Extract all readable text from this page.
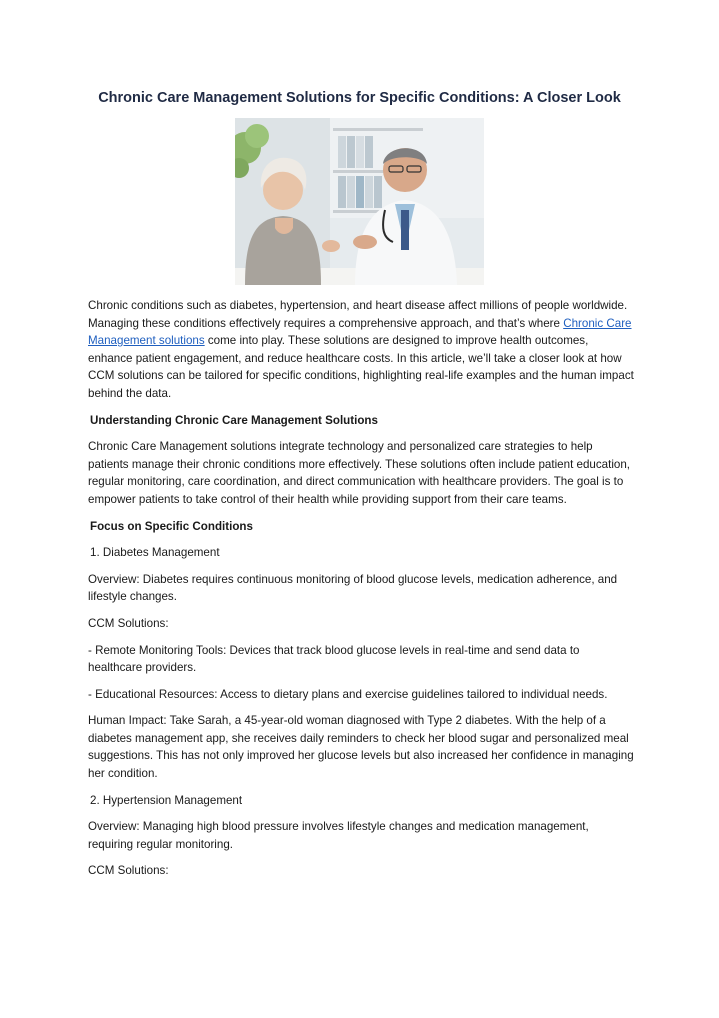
Chronic Care Management Solutions for Specific Conditions: A Closer Look

Chronic conditions such as diabetes, hypertension, and heart disease affect millions of people worldwide. Managing these conditions effectively requires a comprehensive approach, and that’s where Chronic Care Management solutions come into play. These solutions are designed to improve health outcomes, enhance patient engagement, and reduce healthcare costs. In this article, we’ll take a closer look at how CCM solutions can be tailored for specific conditions, highlighting real-life examples and the human impact behind the data.

Understanding Chronic Care Management Solutions

Chronic Care Management solutions integrate technology and personalized care strategies to help patients manage their chronic conditions more effectively. These solutions often include patient education, regular monitoring, care coordination, and direct communication with healthcare providers. The goal is to empower patients to take control of their health while providing support from their care teams.

Focus on Specific Conditions

1. Diabetes Management

Overview: Diabetes requires continuous monitoring of blood glucose levels, medication adherence, and lifestyle changes.

CCM Solutions:

- Remote Monitoring Tools: Devices that track blood glucose levels in real-time and send data to healthcare providers.

- Educational Resources: Access to dietary plans and exercise guidelines tailored to individual needs.

Human Impact: Take Sarah, a 45-year-old woman diagnosed with Type 2 diabetes. With the help of a diabetes management app, she receives daily reminders to check her blood sugar and personalized meal suggestions. This has not only improved her glucose levels but also increased her confidence in managing her condition.

2. Hypertension Management

Overview: Managing high blood pressure involves lifestyle changes and medication management, requiring regular monitoring.

CCM Solutions:
